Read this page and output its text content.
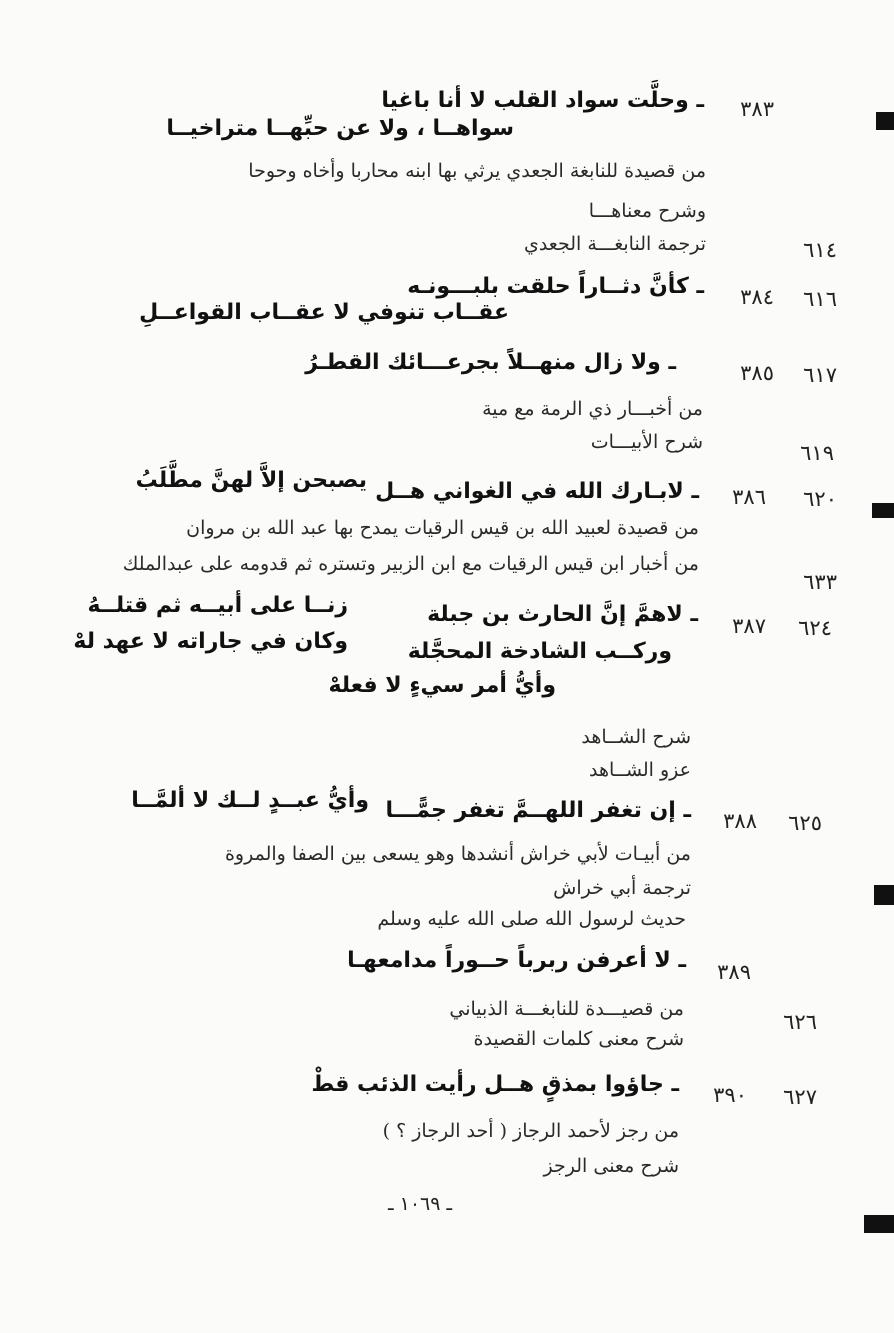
٣٨٣
ـ وحلَّت سواد القلب لا أنا باغيا
سواهــا ، ولا عن حبِّهــا متراخيــا
من قصيدة للنابغة الجعدي يرثي بها ابنه محاربا وأخاه وحوحا
وشرح معناهـــا
ترجمة النابغـــة الجعدي	٦١٤
٦١٦
٣٨٤
ـ كأنَّ دثــاراً حلقت بلبـــونـه
عقــاب تنوفي لا عقــاب القواعــلِ
٦١٧
٣٨٥
ـ ولا زال منهــلاً بجرعـــائك القطـرُ
من أخبـــار ذي الرمة مع مية
شرح الأبيـــات	٦١٩
٦٢٠
٣٨٦
ـ لابـارك الله في الغواني هــل
يصبحن إلاَّ لهنَّ مطَّلَبُ
من قصيدة لعبيد الله بن قيس الرقيات يمدح بها عبد الله بن مروان
من أخبار ابن قيس الرقيات مع ابن الزبير وتستره ثم قدومه على عبدالملك
٦٣٣
٦٢٤
٣٨٧
ـ لاهمَّ إنَّ الحارث بن جبلة
زنــا على أبيــه ثم قتلــهُ
وركــب الشادخة المحجَّلة
وكان في جاراته لا عهد لهْ
وأيُّ أمر سيءٍ لا فعلهْ
شرح الشــاهد
عزو الشــاهد
٦٢٥
٣٨٨
ـ إن تغفر اللهــمَّ تغفر جمًّـــا
وأيُّ عبــدٍ لــك لا ألمَّــا
من أبيـات لأبي خراش أنشدها وهو يسعى بين الصفا والمروة
ترجمة أبي خراش
حديث لرسول الله صلى الله عليه وسلم
٣٨٩
ـ لا أعرفن ربرباً حــوراً مدامعهـا
من قصيـــدة للنابغـــة الذبياني
٦٢٦
شرح معنى كلمات القصيدة
٦٢٧
٣٩٠
ـ جاؤوا بمذقٍ هــل رأيت الذئب قطْ
من رجز لأحمد الرجاز ( أحد الرجاز ؟ )
شرح معنى الرجز
ـ ١٠٦٩ ـ
